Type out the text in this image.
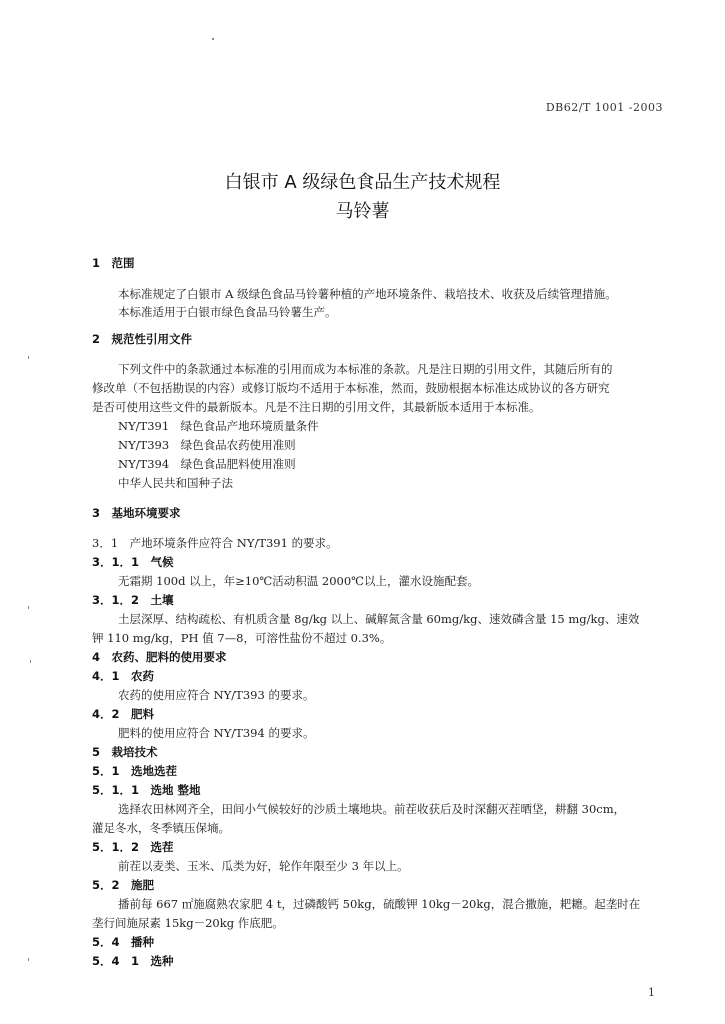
DB62/T 1001 -2003
白银市 A 级绿色食品生产技术规程
马铃薯
1　范围
本标准规定了白银市 A 级绿色食品马铃薯种植的产地环境条件、栽培技术、收获及后续管理措施。
本标准适用于白银市绿色食品马铃薯生产。
2　规范性引用文件
下列文件中的条款通过本标准的引用而成为本标准的条款。凡是注日期的引用文件，其随后所有的
修改单（不包括勘误的内容）或修订版均不适用于本标准，然而，鼓励根据本标准达成协议的各方研究
是否可使用这些文件的最新版本。凡是不注日期的引用文件，其最新版本适用于本标准。
NY/T391　绿色食品产地环境质量条件
NY/T393　绿色食品农药使用准则
NY/T394　绿色食品肥料使用准则
中华人民共和国种子法
3　基地环境要求
3．1　产地环境条件应符合 NY/T391 的要求。
3．1．1　气候
无霜期 100d 以上，年≥10℃活动积温 2000℃以上，灌水设施配套。
3．1．2　土壤
土层深厚、结构疏松、有机质含量 8g/kg 以上、碱解氮含量 60mg/kg、速效磷含量 15 mg/kg、速效
钾 110 mg/kg，PH 值 7—8，可溶性盐份不超过 0.3%。
4　农药、肥料的使用要求
4．1　农药
农药的使用应符合 NY/T393 的要求。
4．2　肥料
肥料的使用应符合 NY/T394 的要求。
5　栽培技术
5．1　选地选茬
5．1．1　选地 整地
选择农田林网齐全，田间小气候较好的沙质土壤地块。前茬收获后及时深翻灭茬晒垡，耕翻 30cm，
灌足冬水，冬季镇压保墒。
5．1．2　选茬
前茬以麦类、玉米、瓜类为好，轮作年限至少 3 年以上。
5．2　施肥
播前每 667 ㎡施腐熟农家肥 4 t，过磷酸钙 50kg，硫酸钾 10kg－20kg，混合撒施，耙耱。起垄时在
垄行间施尿素 15kg－20kg 作底肥。
5．4　播种
5．4　1　选种
1
